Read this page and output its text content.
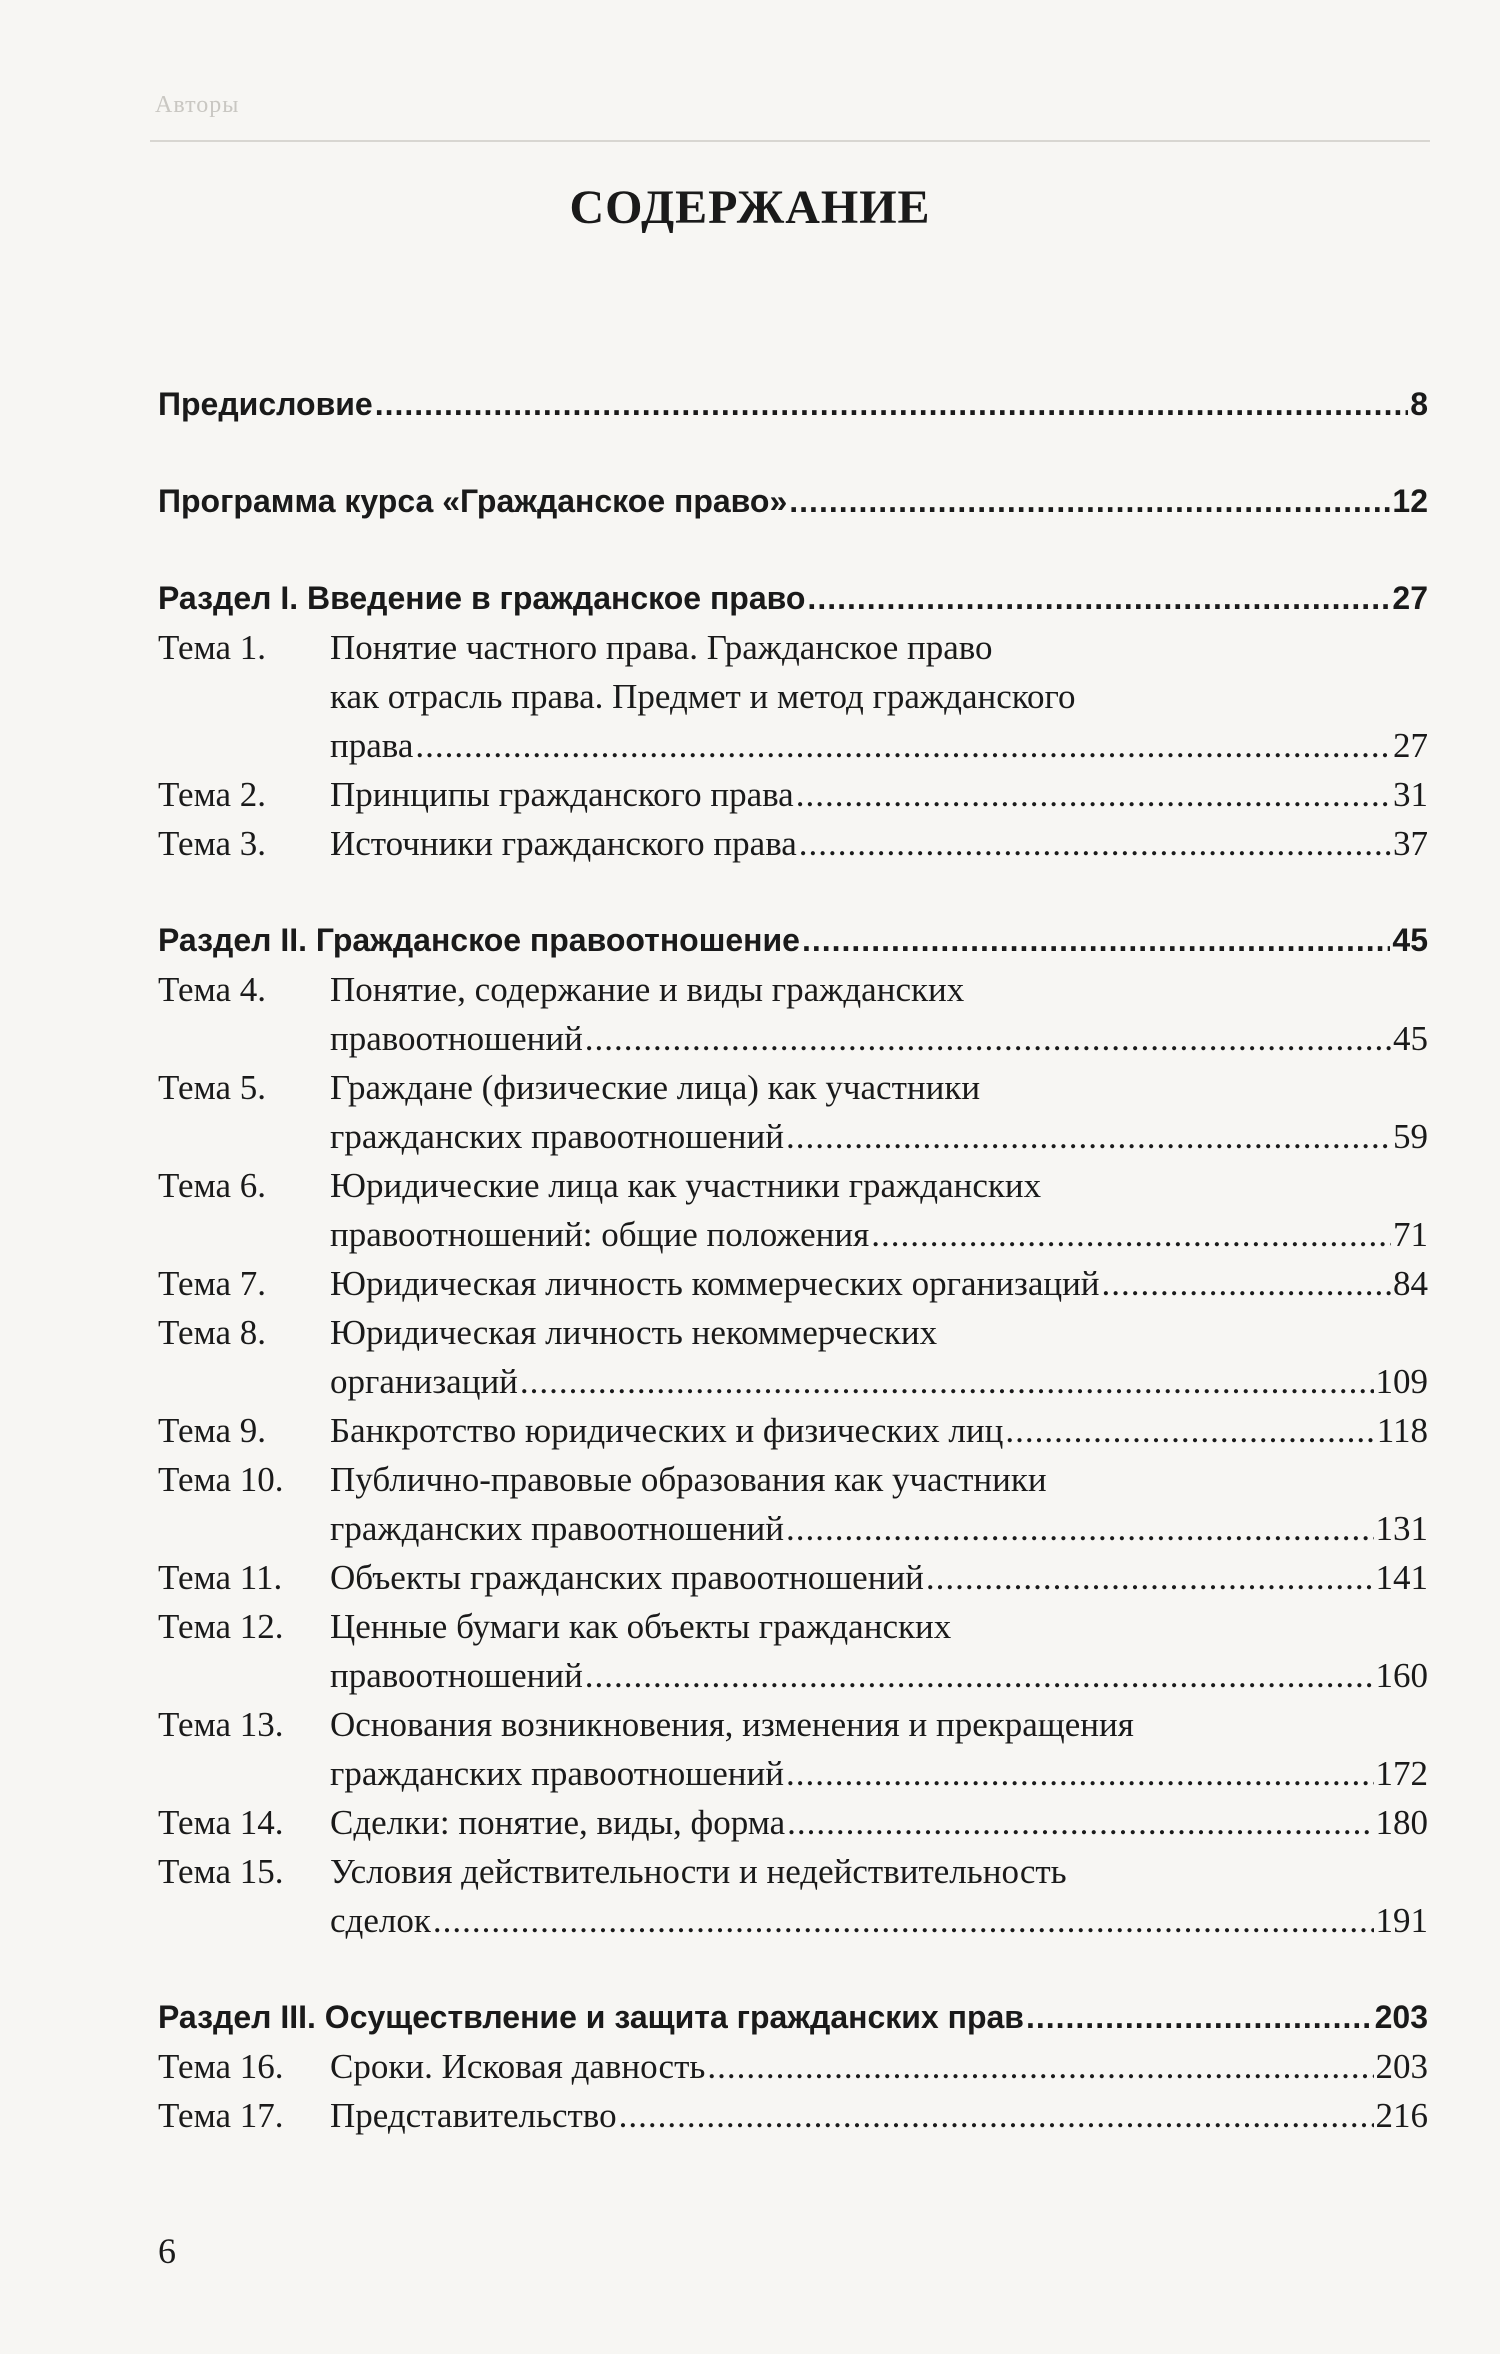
Авторы
СОДЕРЖАНИЕ
Предисловие .....	8
Программа курса «Гражданское право» .....	12
Раздел I. Введение в гражданское право .....	27
Тема 1.	Понятие частного права. Гражданское право
как отрасль права. Предмет и метод гражданского
права .....	27
Тема 2.	Принципы гражданского права .....	31
Тема 3.	Источники гражданского права .....	37
Раздел II. Гражданское правоотношение .....	45
Тема 4.	Понятие, содержание и виды гражданских
правоотношений .....	45
Тема 5.	Граждане (физические лица) как участники
гражданских правоотношений .....	59
Тема 6.	Юридические лица как участники гражданских
правоотношений: общие положения .....	71
Тема 7.	Юридическая личность коммерческих организаций .....	84
Тема 8.	Юридическая личность некоммерческих
организаций .....	109
Тема 9.	Банкротство юридических и физических лиц .....	118
Тема 10.	Публично-правовые образования как участники
гражданских правоотношений .....	131
Тема 11.	Объекты гражданских правоотношений .....	141
Тема 12.	Ценные бумаги как объекты гражданских
правоотношений .....	160
Тема 13.	Основания возникновения, изменения и прекращения
гражданских правоотношений .....	172
Тема 14.	Сделки: понятие, виды, форма .....	180
Тема 15.	Условия действительности и недействительность
сделок .....	191
Раздел III. Осуществление и защита гражданских прав .....	203
Тема 16.	Сроки. Исковая давность .....	203
Тема 17.	Представительство .....	216
6
